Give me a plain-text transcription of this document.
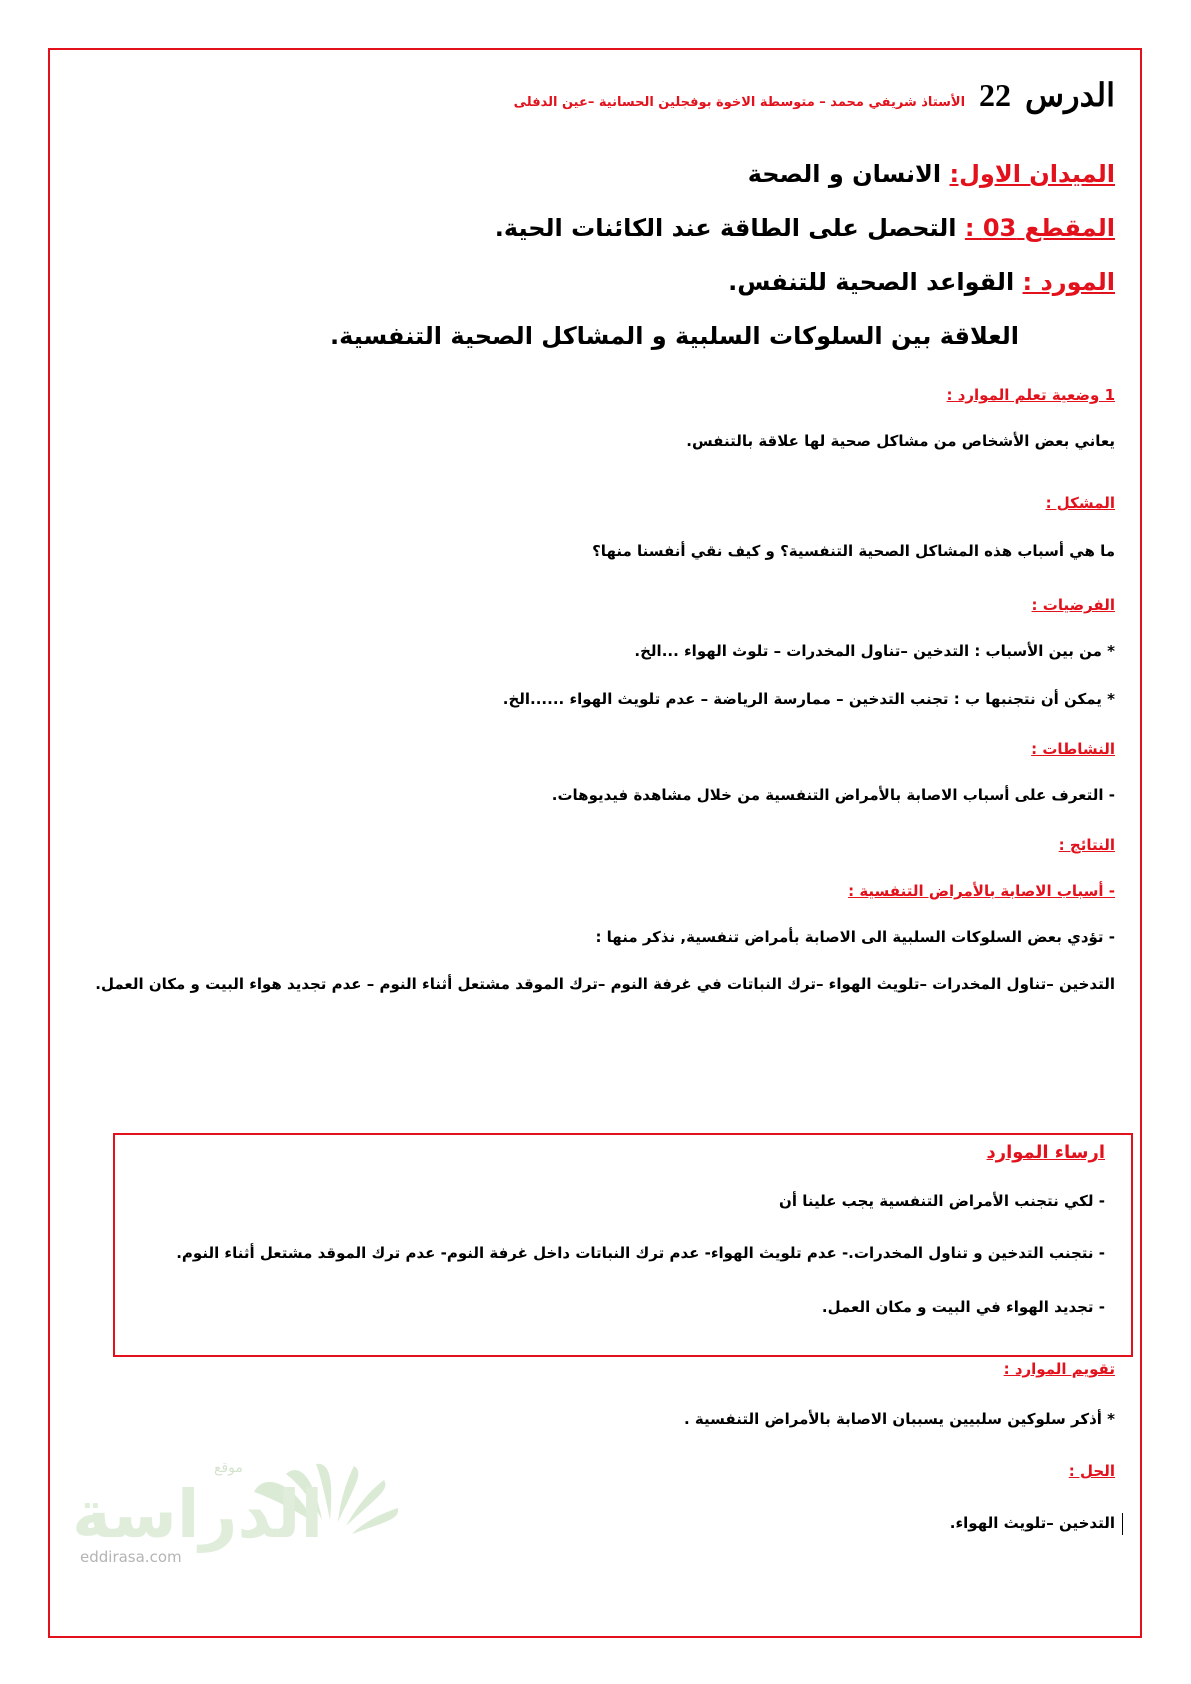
الدرس
22
الأستاذ شريفي محمد – متوسطة الاخوة بوفجلين الحسانية –عين الدفلى
الميدان الاول: الانسان و الصحة
المقطع 03 : التحصل على الطاقة عند الكائنات الحية.
المورد : القواعد الصحية للتنفس.
العلاقة بين السلوكات السلبية و المشاكل الصحية التنفسية.
1 وضعية تعلم الموارد :
يعاني بعض الأشخاص من مشاكل صحية لها علاقة بالتنفس.
المشكل :
ما هي أسباب هذه المشاكل الصحية التنفسية؟ و كيف نقي أنفسنا منها؟
الفرضيات :
* من بين الأسباب : التدخين –تناول المخدرات – تلوث الهواء ...الخ.
* يمكن أن نتجنبها ب : تجنب التدخين – ممارسة الرياضة – عدم تلويث الهواء ......الخ.
النشاطات :
- التعرف على أسباب الاصابة بالأمراض التنفسية من خلال مشاهدة فيديوهات.
النتائج :
- أسباب الاصابة بالأمراض التنفسية :
- تؤدي بعض السلوكات السلبية الى الاصابة بأمراض تنفسية, نذكر منها :
التدخين –تناول المخدرات –تلويث الهواء –ترك النباتات في غرفة النوم –ترك الموقد مشتعل أثناء النوم – عدم تجديد هواء البيت و مكان العمل.
ارساء الموارد
- لكي نتجنب الأمراض التنفسية يجب علينا أن
- نتجنب التدخين و تناول المخدرات.- عدم تلويث الهواء- عدم ترك النباتات داخل غرفة النوم- عدم ترك الموقد مشتعل أثناء النوم.
- تجديد الهواء في البيت و مكان العمل.
تقويم الموارد :
* أذكر سلوكين سلبيين يسببان الاصابة بالأمراض التنفسية .
الحل :
التدخين –تلويث الهواء.
موقع
الدراسة
eddirasa.com
